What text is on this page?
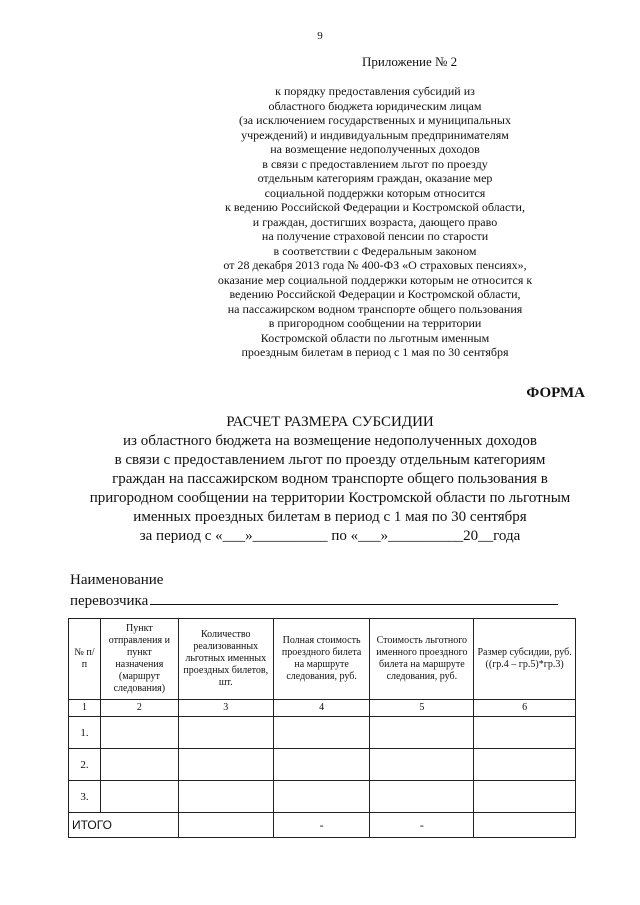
9
Приложение № 2
к порядку предоставления субсидий из
областного бюджета юридическим лицам
(за исключением государственных и муниципальных
учреждений) и индивидуальным предпринимателям
на возмещение недополученных доходов
в связи с предоставлением льгот по проезду
отдельным категориям граждан, оказание мер
социальной поддержки которым относится
к ведению Российской Федерации и Костромской области,
и граждан, достигших возраста, дающего право
на получение страховой пенсии по старости
в соответствии с Федеральным законом
от 28 декабря 2013 года № 400-ФЗ «О страховых пенсиях»,
оказание мер социальной поддержки которым не относится к
ведению Российской Федерации и Костромской области,
на пассажирском водном транспорте общего пользования
в пригородном сообщении на территории
Костромской области по льготным именным
проездным билетам в период с 1 мая по 30 сентября
ФОРМА
РАСЧЕТ РАЗМЕРА СУБСИДИИ
из областного бюджета на возмещение недополученных доходов
в связи с предоставлением льгот по проезду отдельным категориям
граждан на пассажирском водном транспорте общего пользования в
пригородном сообщении на территории Костромской области по льготным
именных проездных билетам в период с 1 мая по 30 сентября
за период с «___»__________ по «___»__________20__года
Наименование
перевозчика
№ п/п	Пункт отправления и пункт назначения (маршрут следования)	Количество реализованных льготных именных проездных билетов, шт.	Полная стоимость проездного билета на маршруте следования, руб.	Стоимость льготного именного проездного билета на маршруте следования, руб.	Размер субсидии, руб. ((гр.4 – гр.5)*гр.3)
1	2	3	4	5	6
1.					
2.					
3.					
ИТОГО			-	-	
